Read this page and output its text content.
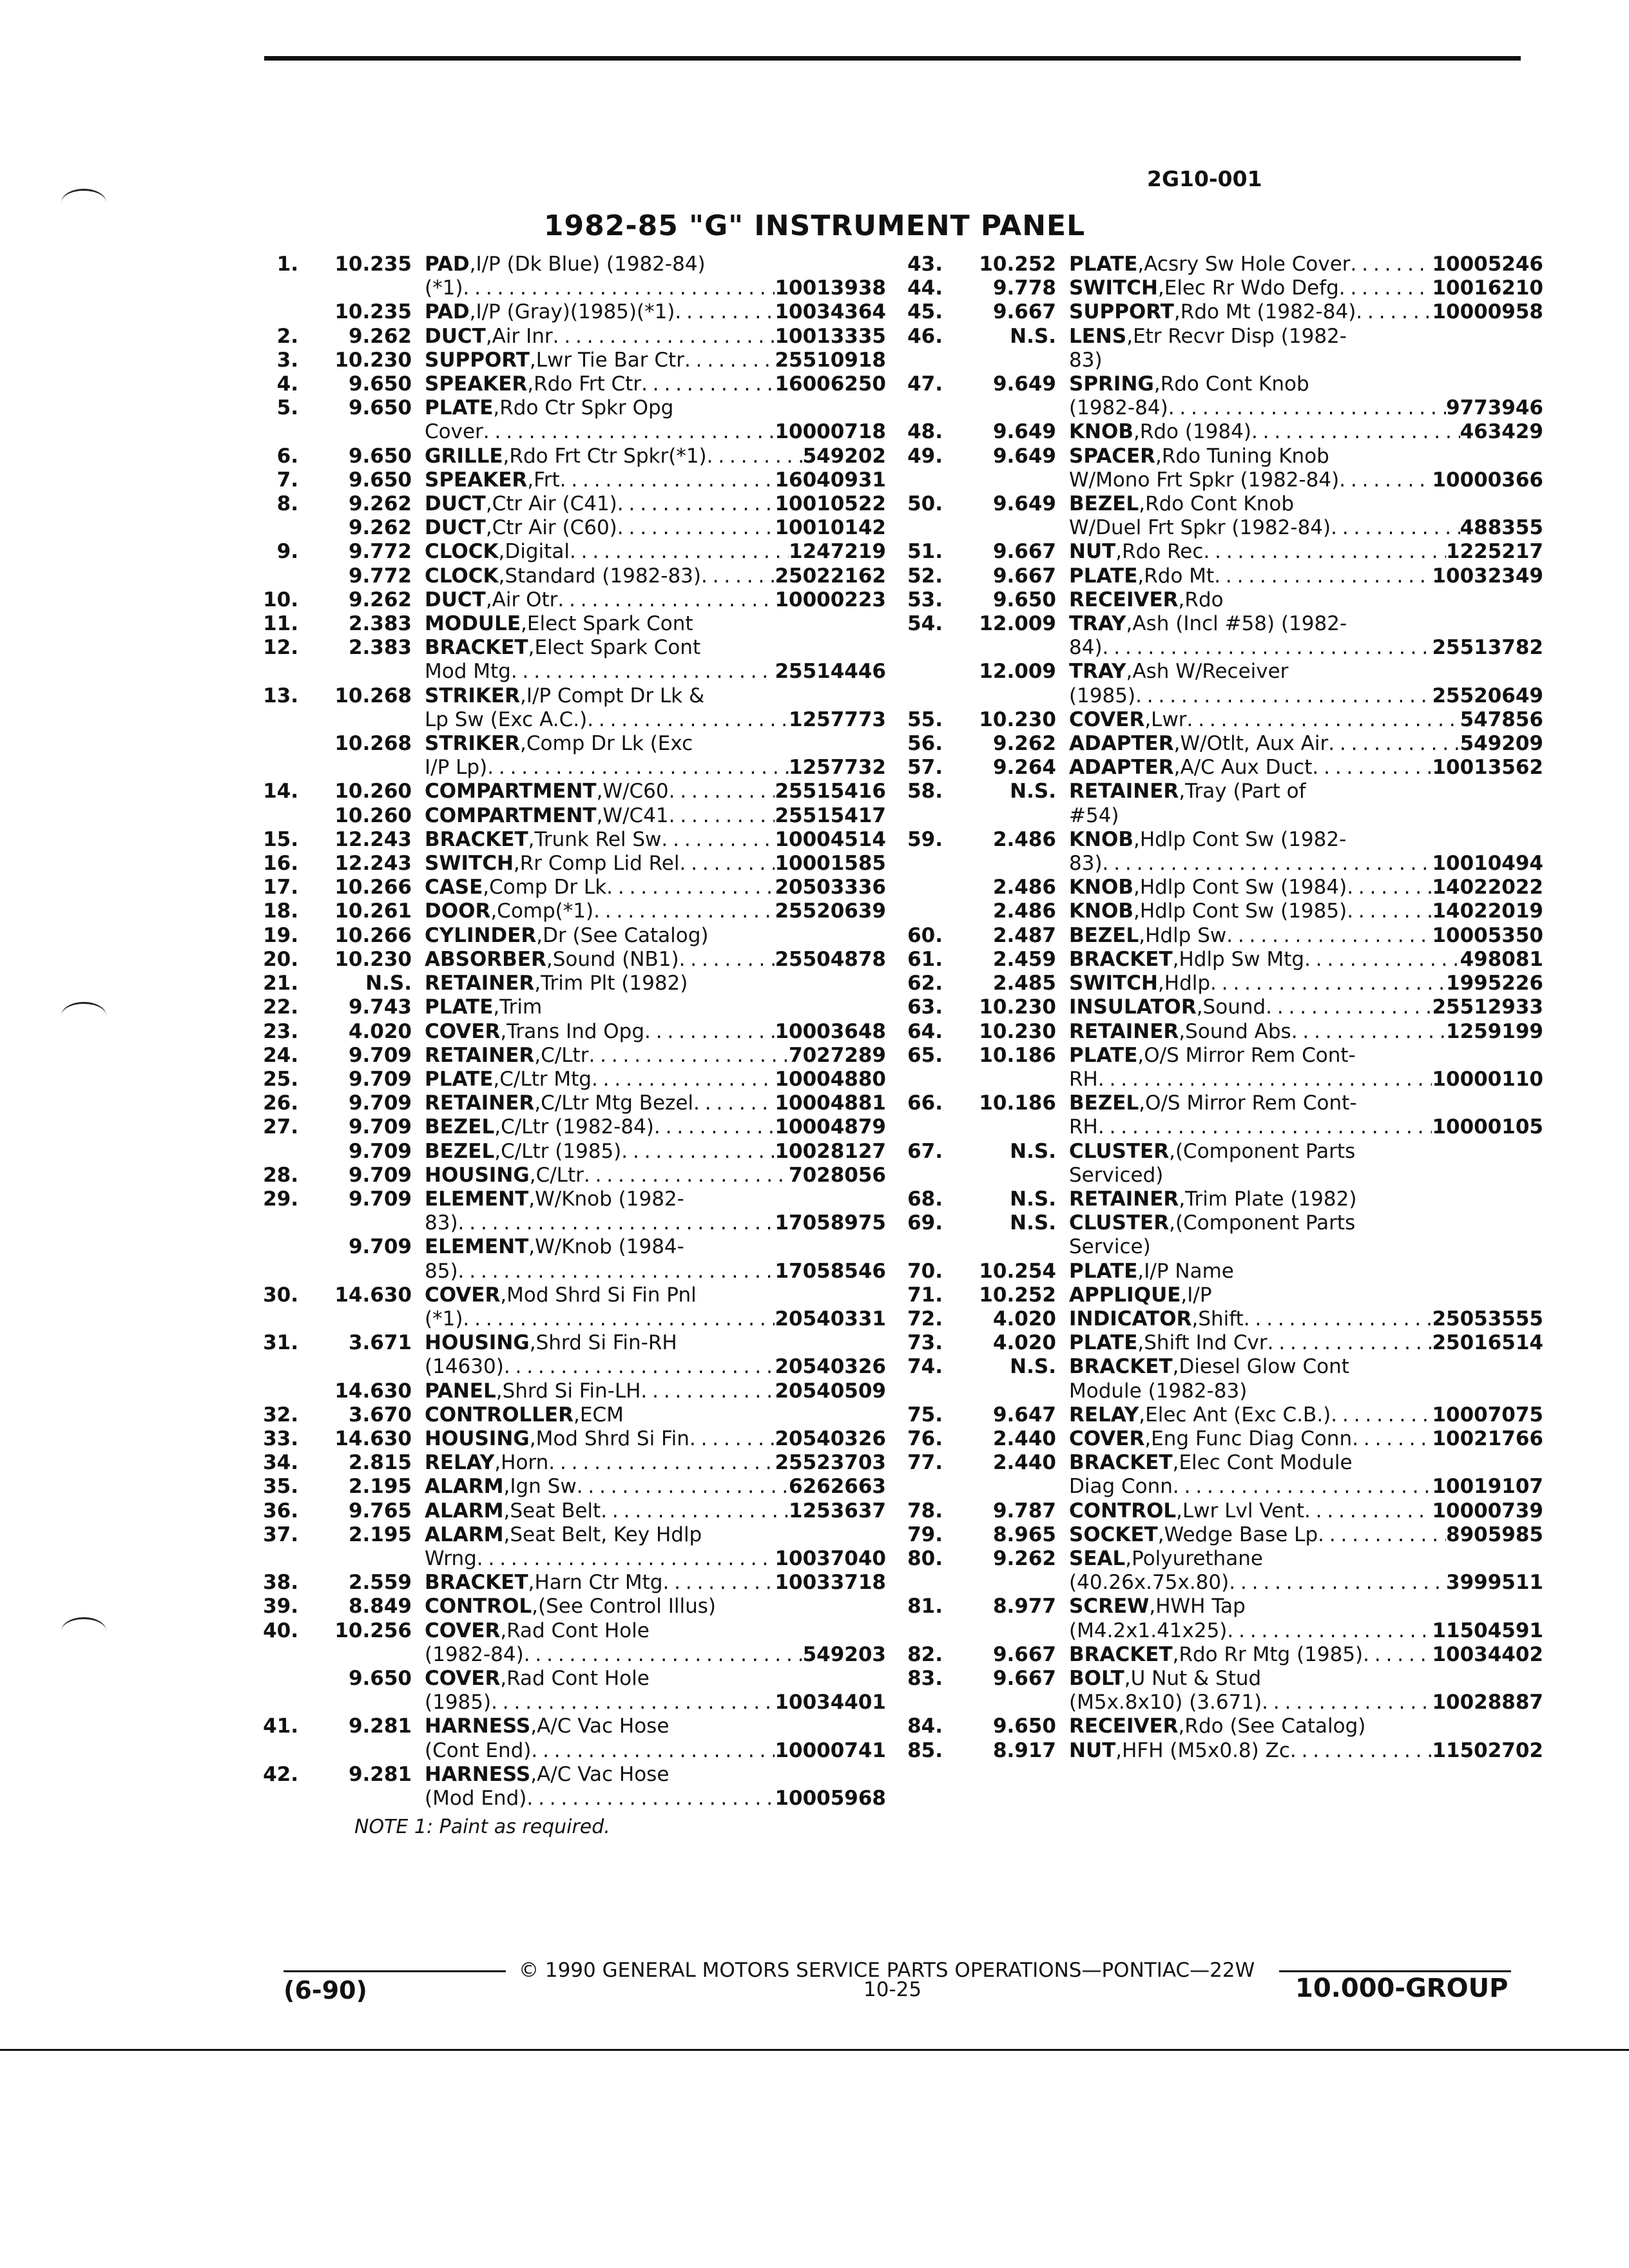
2G10-001
1982-85 "G" INSTRUMENT PANEL
1.	10.235 PAD , I/P (Dk Blue) (1982-84)
(*1) . . .	10013938
10.235 PAD , I/P (Gray)(1985)(*1) . . .	10034364
2.	9.262 DUCT , Air Inr . . .	10013335
3.	10.230 SUPPORT , Lwr Tie Bar Ctr . . .	25510918
4.	9.650 SPEAKER , Rdo Frt Ctr . . .	16006250
5.	9.650 PLATE , Rdo Ctr Spkr Opg
Cover . . .	10000718
6.	9.650 GRILLE , Rdo Frt Ctr Spkr(*1) . . .	549202
7.	9.650 SPEAKER , Frt . . .	16040931
8.	9.262 DUCT , Ctr Air (C41) . . .	10010522
9.262 DUCT , Ctr Air (C60) . . .	10010142
9.	9.772 CLOCK , Digital . . .	1247219
9.772 CLOCK , Standard (1982-83) . . .	25022162
10.	9.262 DUCT , Air Otr . . .	10000223
11.	2.383 MODULE , Elect Spark Cont
12.	2.383 BRACKET , Elect Spark Cont
Mod Mtg . . .	25514446
13.	10.268 STRIKER , I/P Compt Dr Lk &
Lp Sw (Exc A.C.) . . .	1257773
10.268 STRIKER , Comp Dr Lk (Exc
I/P Lp) . . .	1257732
14.	10.260 COMPARTMENT , W/C60 . . .	25515416
10.260 COMPARTMENT , W/C41 . . .	25515417
15.	12.243 BRACKET , Trunk Rel Sw . . .	10004514
16.	12.243 SWITCH , Rr Comp Lid Rel . . .	10001585
17.	10.266 CASE , Comp Dr Lk . . .	20503336
18.	10.261 DOOR , Comp(*1) . . .	25520639
19.	10.266 CYLINDER , Dr (See Catalog)
20.	10.230 ABSORBER , Sound (NB1) . . .	25504878
21.	N.S. RETAINER , Trim Plt (1982)
22.	9.743 PLATE , Trim
23.	4.020 COVER , Trans Ind Opg . . .	10003648
24.	9.709 RETAINER , C/Ltr . . .	7027289
25.	9.709 PLATE , C/Ltr Mtg . . .	10004880
26.	9.709 RETAINER , C/Ltr Mtg Bezel . . .	10004881
27.	9.709 BEZEL , C/Ltr (1982-84) . . .	10004879
9.709 BEZEL , C/Ltr (1985) . . .	10028127
28.	9.709 HOUSING , C/Ltr . . .	7028056
29.	9.709 ELEMENT , W/Knob (1982-
83) . . .	17058975
9.709 ELEMENT , W/Knob (1984-
85) . . .	17058546
30.	14.630 COVER , Mod Shrd Si Fin Pnl
(*1) . . .	20540331
31.	3.671 HOUSING , Shrd Si Fin-RH
(14630) . . .	20540326
14.630 PANEL , Shrd Si Fin-LH . . .	20540509
32.	3.670 CONTROLLER , ECM
33.	14.630 HOUSING , Mod Shrd Si Fin . . .	20540326
34.	2.815 RELAY , Horn . . .	25523703
35.	2.195 ALARM , Ign Sw . . .	6262663
36.	9.765 ALARM , Seat Belt . . .	1253637
37.	2.195 ALARM , Seat Belt, Key Hdlp
Wrng . . .	10037040
38.	2.559 BRACKET , Harn Ctr Mtg . . .	10033718
39.	8.849 CONTROL , (See Control Illus)
40.	10.256 COVER , Rad Cont Hole
(1982-84) . . .	549203
9.650 COVER , Rad Cont Hole
(1985) . . .	10034401
41.	9.281 HARNESS , A/C Vac Hose
(Cont End) . . .	10000741
42.	9.281 HARNESS , A/C Vac Hose
(Mod End) . . .	10005968
43.	10.252 PLATE , Acsry Sw Hole Cover . . .	10005246
44.	9.778 SWITCH , Elec Rr Wdo Defg . . .	10016210
45.	9.667 SUPPORT , Rdo Mt (1982-84) . . .	10000958
46.	N.S. LENS , Etr Recvr Disp (1982-
83)
47.	9.649 SPRING , Rdo Cont Knob
(1982-84) . . .	9773946
48.	9.649 KNOB , Rdo (1984) . . .	463429
49.	9.649 SPACER , Rdo Tuning Knob
W/Mono Frt Spkr (1982-84) . . .	10000366
50.	9.649 BEZEL , Rdo Cont Knob
W/Duel Frt Spkr (1982-84) . . .	488355
51.	9.667 NUT , Rdo Rec . . .	1225217
52.	9.667 PLATE , Rdo Mt . . .	10032349
53.	9.650 RECEIVER , Rdo
54.	12.009 TRAY , Ash (Incl #58) (1982-
84) . . .	25513782
12.009 TRAY , Ash W/Receiver
(1985) . . .	25520649
55.	10.230 COVER , Lwr . . .	547856
56.	9.262 ADAPTER , W/Otlt, Aux Air . . .	549209
57.	9.264 ADAPTER , A/C Aux Duct . . .	10013562
58.	N.S. RETAINER , Tray (Part of
#54)
59.	2.486 KNOB , Hdlp Cont Sw (1982-
83) . . .	10010494
2.486 KNOB , Hdlp Cont Sw (1984) . . .	14022022
2.486 KNOB , Hdlp Cont Sw (1985) . . .	14022019
60.	2.487 BEZEL , Hdlp Sw . . .	10005350
61.	2.459 BRACKET , Hdlp Sw Mtg . . .	498081
62.	2.485 SWITCH , Hdlp . . .	1995226
63.	10.230 INSULATOR , Sound . . .	25512933
64.	10.230 RETAINER , Sound Abs . . .	1259199
65.	10.186 PLATE , O/S Mirror Rem Cont-
RH . . .	10000110
66.	10.186 BEZEL , O/S Mirror Rem Cont-
RH . . .	10000105
67.	N.S. CLUSTER , (Component Parts
Serviced)
68.	N.S. RETAINER , Trim Plate (1982)
69.	N.S. CLUSTER , (Component Parts
Service)
70.	10.254 PLATE , I/P Name
71.	10.252 APPLIQUE , I/P
72.	4.020 INDICATOR , Shift . . .	25053555
73.	4.020 PLATE , Shift Ind Cvr . . .	25016514
74.	N.S. BRACKET , Diesel Glow Cont
Module (1982-83)
75.	9.647 RELAY , Elec Ant (Exc C.B.) . . .	10007075
76.	2.440 COVER , Eng Func Diag Conn . . .	10021766
77.	2.440 BRACKET , Elec Cont Module
Diag Conn . . .	10019107
78.	9.787 CONTROL , Lwr Lvl Vent . . .	10000739
79.	8.965 SOCKET , Wedge Base Lp . . .	8905985
80.	9.262 SEAL , Polyurethane
(40.26x.75x.80) . . .	3999511
81.	8.977 SCREW , HWH Tap
(M4.2x1.41x25) . . .	11504591
82.	9.667 BRACKET , Rdo Rr Mtg (1985) . . .	10034402
83.	9.667 BOLT , U Nut & Stud
(M5x.8x10) (3.671) . . .	10028887
84.	9.650 RECEIVER , Rdo (See Catalog)
85.	8.917 NUT , HFH (M5x0.8) Zc . . .	11502702
NOTE 1: Paint as required.
© 1990 GENERAL MOTORS SERVICE PARTS OPERATIONS—PONTIAC—22W
(6-90)	10-25	10.000-GROUP
